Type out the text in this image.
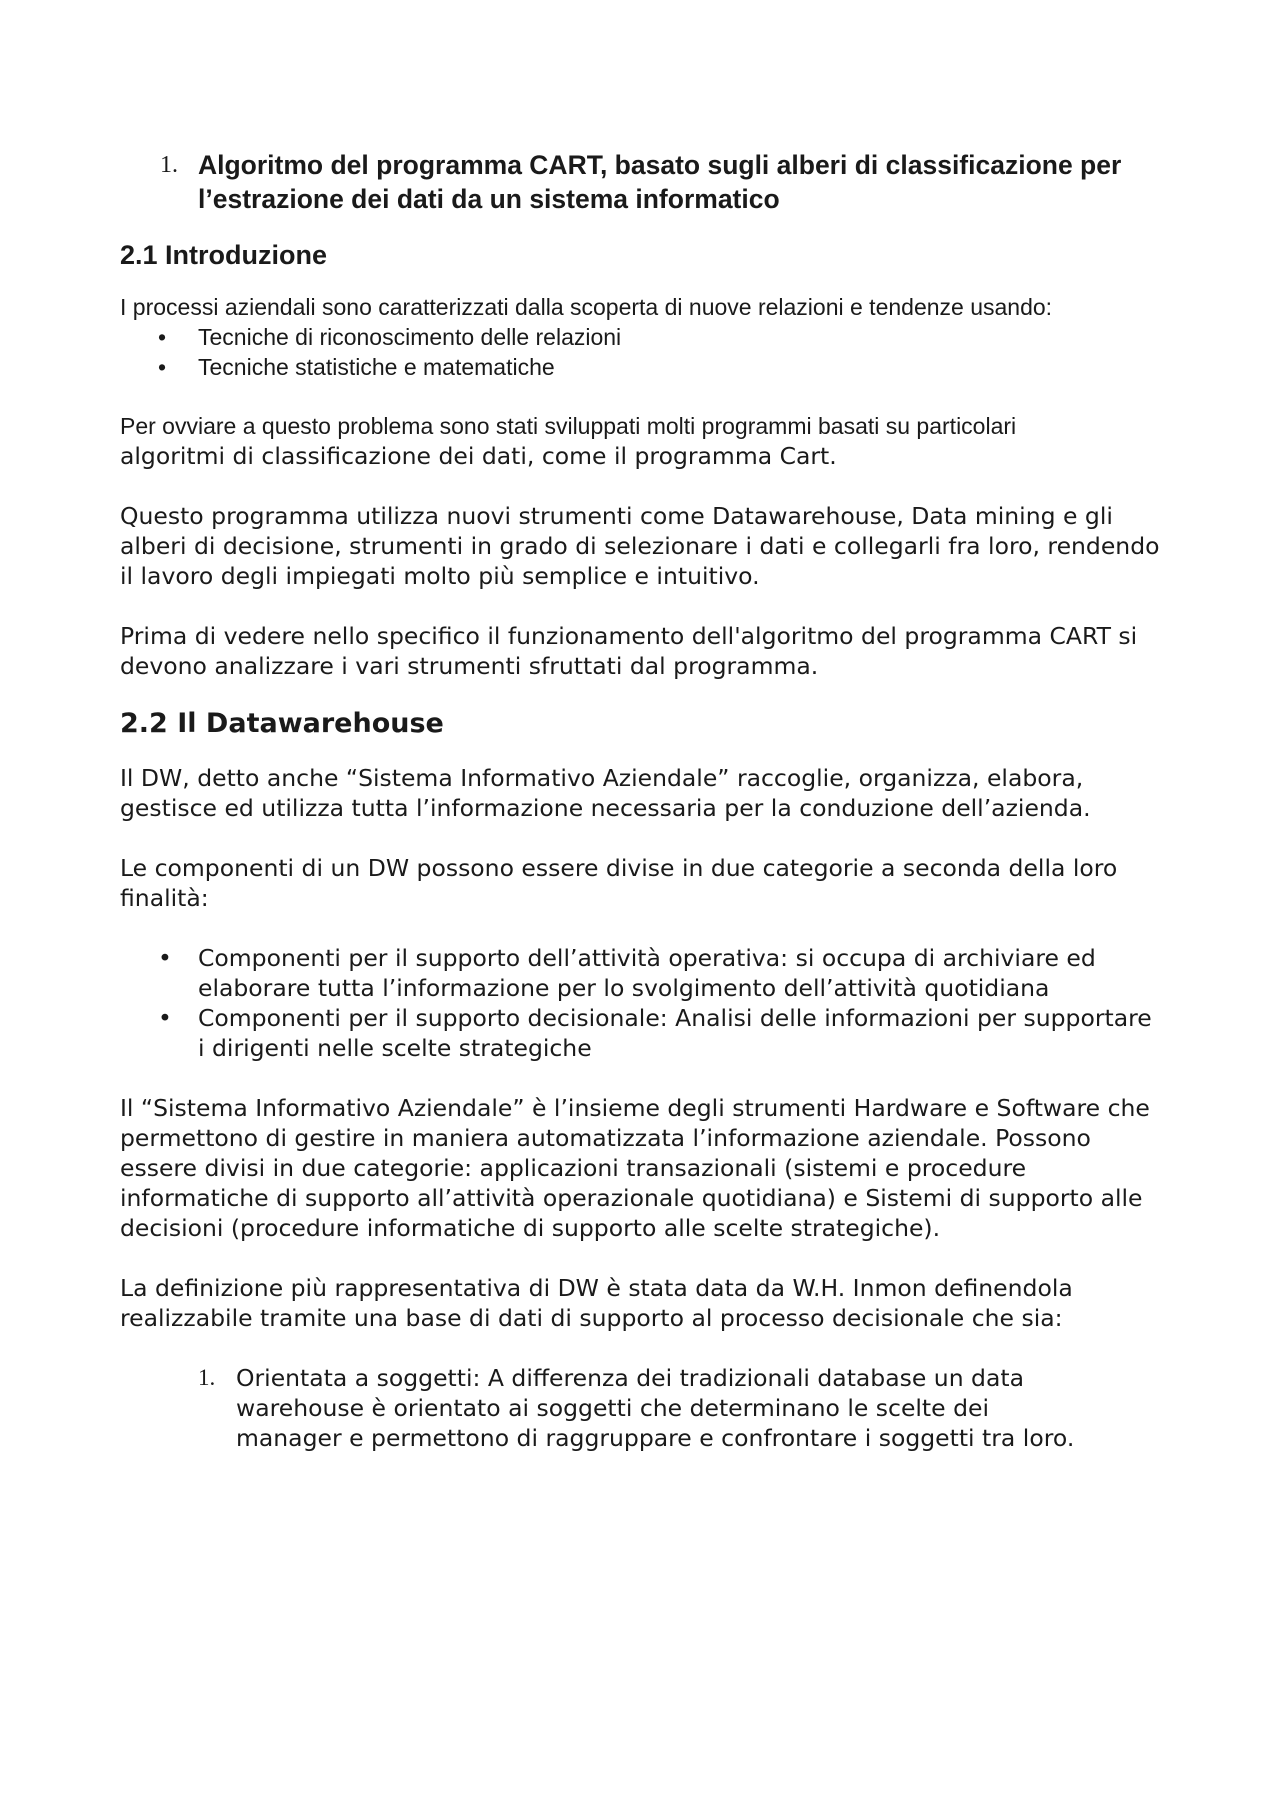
1. Algoritmo del programma CART, basato sugli alberi di classificazione per l’estrazione dei dati da un sistema informatico
2.1 Introduzione

I processi aziendali sono caratterizzati dalla scoperta di nuove relazioni e tendenze usando:

•	Tecniche di riconoscimento delle relazioni
•	Tecniche statistiche e matematiche

Per ovviare a questo problema sono stati sviluppati molti programmi basati su particolari

algoritmi di classificazione dei dati, come il programma Cart.

Questo programma utilizza nuovi strumenti come Datawarehouse, Data mining e gli alberi di decisione, strumenti in grado di selezionare i dati e collegarli fra loro, rendendo il lavoro degli impiegati molto più semplice e intuitivo.

Prima di vedere nello specifico il funzionamento dell'algoritmo del programma CART si devono analizzare i vari strumenti sfruttati dal programma.

2.2 Il Datawarehouse

Il DW, detto anche “Sistema Informativo Aziendale” raccoglie, organizza, elabora, gestisce ed utilizza tutta l’informazione necessaria per la conduzione dell’azienda.

Le componenti di un DW possono essere divise in due categorie a seconda della loro finalità:

•	Componenti per il supporto dell’attività operativa: si occupa di archiviare ed elaborare tutta l’informazione per lo svolgimento dell’attività quotidiana
•	Componenti per il supporto decisionale: Analisi delle informazioni per supportare i dirigenti nelle scelte strategiche

Il “Sistema Informativo Aziendale” è l’insieme degli strumenti Hardware e Software che permettono di gestire in maniera automatizzata l’informazione aziendale. Possono essere divisi in due categorie: applicazioni transazionali (sistemi e procedure informatiche di supporto all’attività operazionale quotidiana) e Sistemi di supporto alle decisioni (procedure informatiche di supporto alle scelte strategiche).

La definizione più rappresentativa di DW è stata data da W.H. Inmon definendola realizzabile tramite una base di dati di supporto al processo decisionale che sia:

1. Orientata a soggetti: A differenza dei tradizionali database un data warehouse è orientato ai soggetti che determinano le scelte dei manager e permettono di raggruppare e confrontare i soggetti tra loro.
